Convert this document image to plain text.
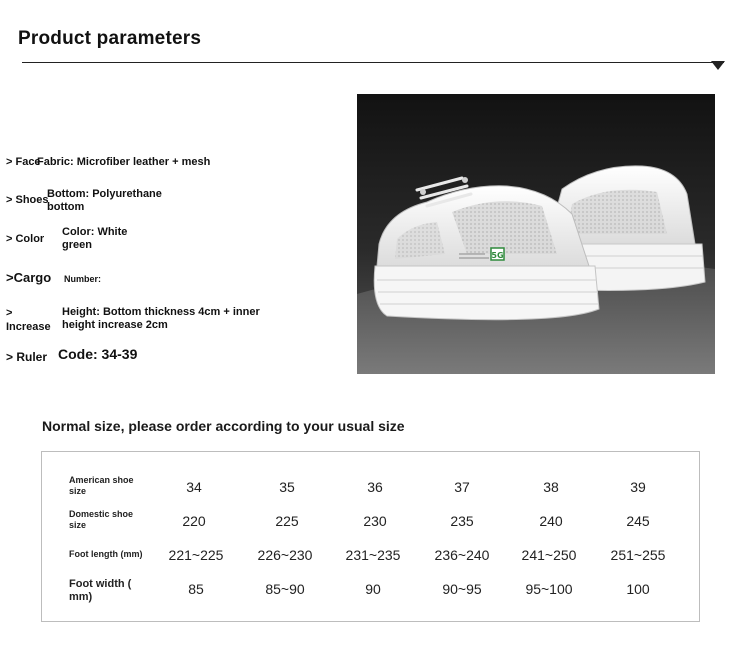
Product parameters
> Face
Fabric: Microfiber leather + mesh
> Shoes
Bottom: Polyurethane
bottom
> Color
Color: White
green
>Cargo Number:
>
Increase
Height: Bottom thickness 4cm + inner
height increase 2cm
> Ruler Code: 34-39
5G
Normal size, please order according to your usual size
American shoe
size	34	35	36	37	38	39
Domestic shoe
size	220	225	230	235	240	245
Foot length (mm)	221~225	226~230	231~235	236~240	241~250	251~255
Foot width (
mm)	85	85~90	90	90~95	95~100	100
